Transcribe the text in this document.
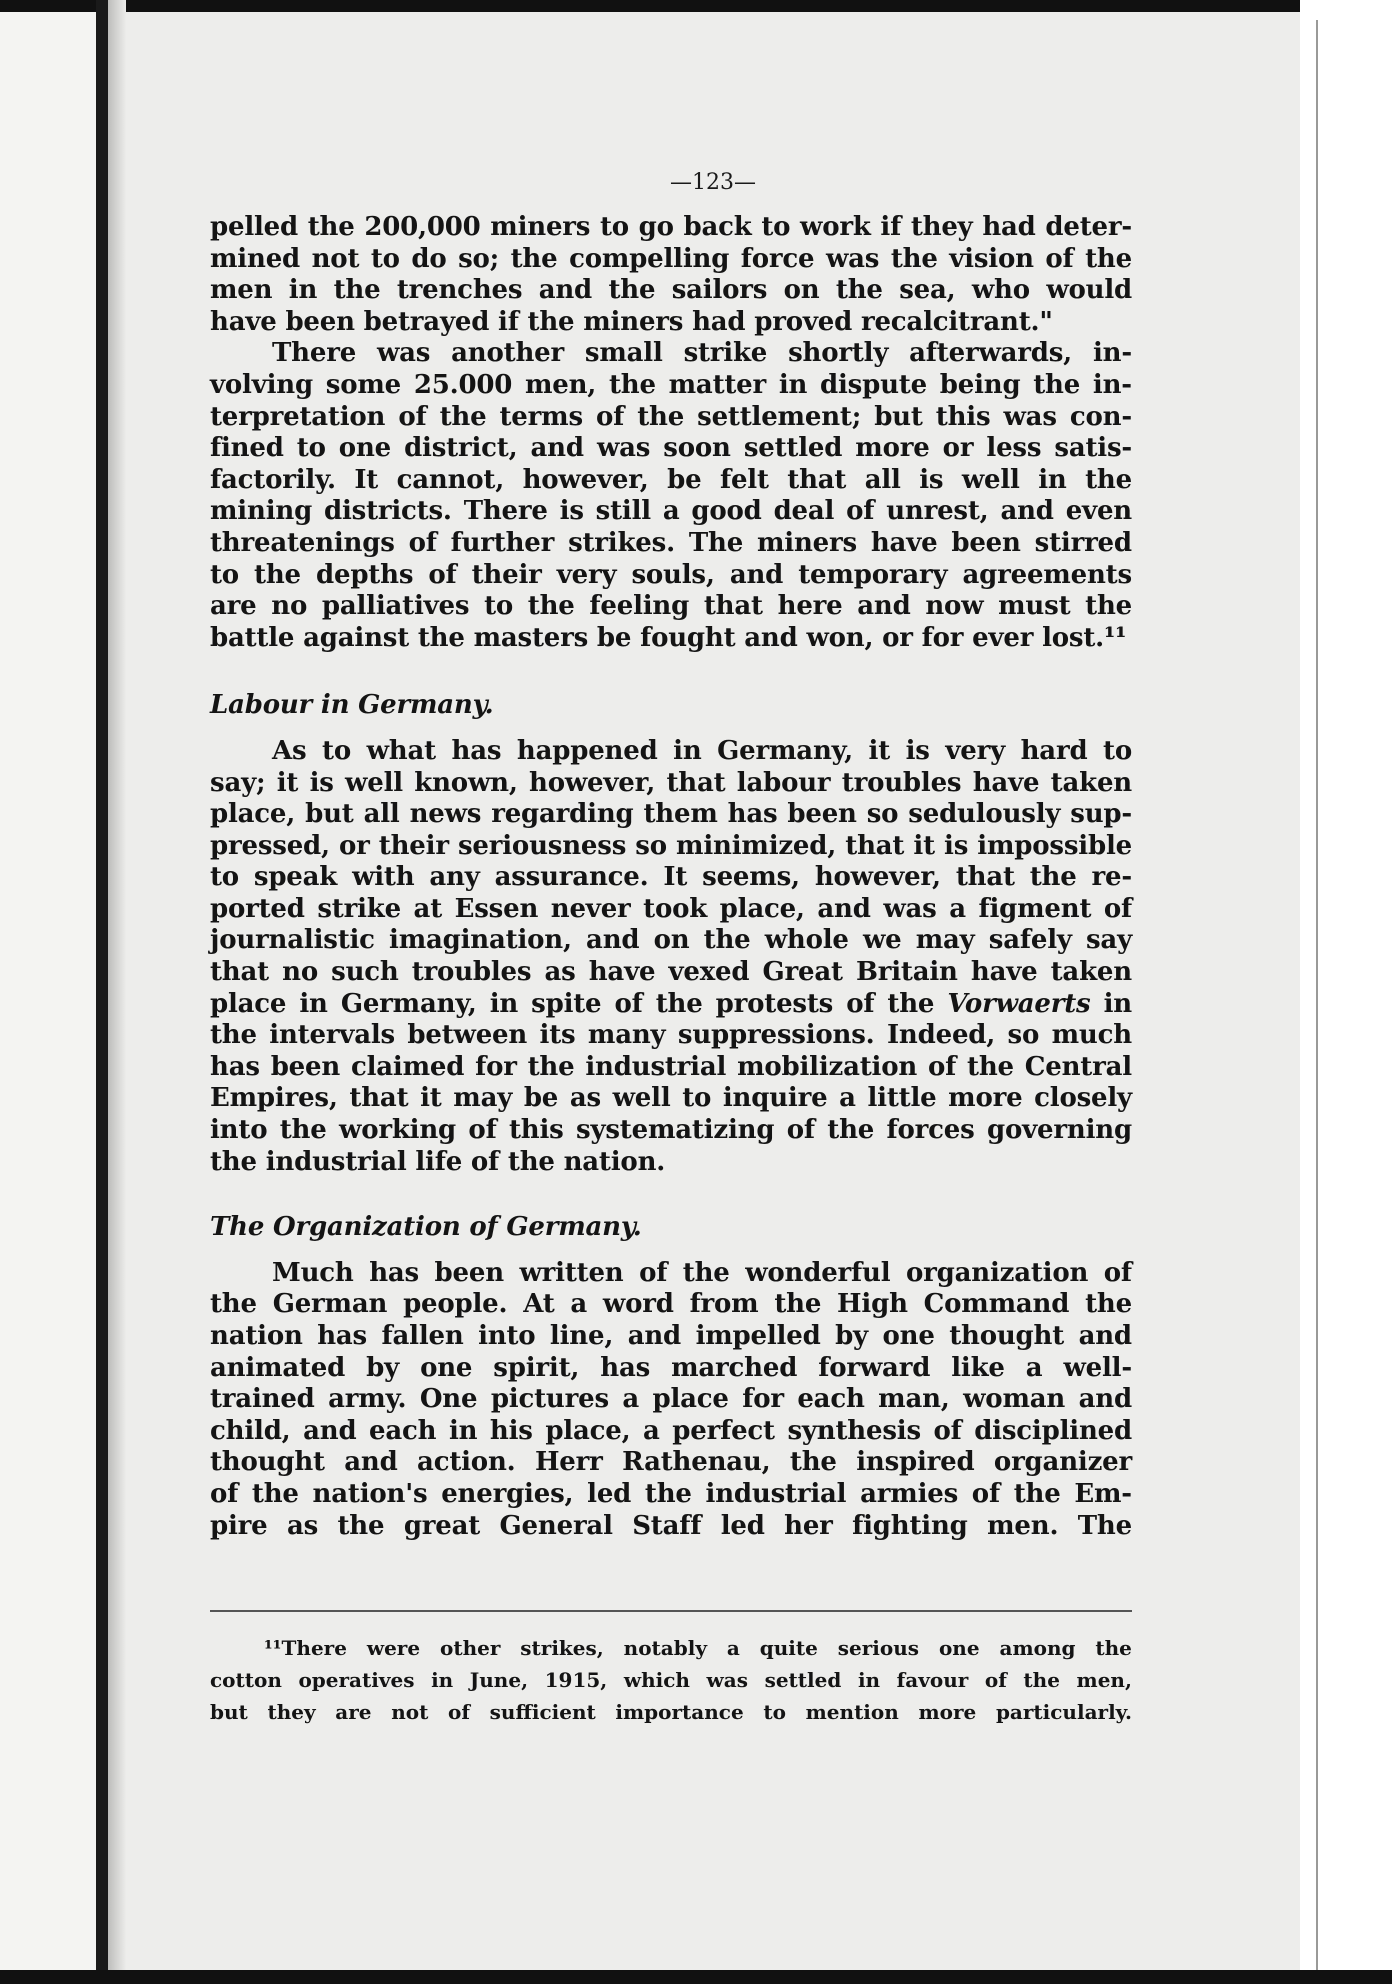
—123—
pelled the 200,000 miners to go back to work if they had deter-
mined not to do so; the compelling force was the vision of the
men in the trenches and the sailors on the sea, who would
have been betrayed if the miners had proved recalcitrant."
There was another small strike shortly afterwards, in-
volving some 25.000 men, the matter in dispute being the in-
terpretation of the terms of the settlement; but this was con-
fined to one district, and was soon settled more or less satis-
factorily. It cannot, however, be felt that all is well in the
mining districts. There is still a good deal of unrest, and even
threatenings of further strikes. The miners have been stirred
to the depths of their very souls, and temporary agreements
are no palliatives to the feeling that here and now must the
battle against the masters be fought and won, or for ever lost.¹¹
Labour in Germany.
As to what has happened in Germany, it is very hard to
say; it is well known, however, that labour troubles have taken
place, but all news regarding them has been so sedulously sup-
pressed, or their seriousness so minimized, that it is impossible
to speak with any assurance. It seems, however, that the re-
ported strike at Essen never took place, and was a figment of
journalistic imagination, and on the whole we may safely say
that no such troubles as have vexed Great Britain have taken
place in Germany, in spite of the protests of the Vorwaerts in
the intervals between its many suppressions. Indeed, so much
has been claimed for the industrial mobilization of the Central
Empires, that it may be as well to inquire a little more closely
into the working of this systematizing of the forces governing
the industrial life of the nation.
The Organization of Germany.
Much has been written of the wonderful organization of
the German people. At a word from the High Command the
nation has fallen into line, and impelled by one thought and
animated by one spirit, has marched forward like a well-
trained army. One pictures a place for each man, woman and
child, and each in his place, a perfect synthesis of disciplined
thought and action. Herr Rathenau, the inspired organizer
of the nation's energies, led the industrial armies of the Em-
pire as the great General Staff led her fighting men. The
¹¹There were other strikes, notably a quite serious one among the
cotton operatives in June, 1915, which was settled in favour of the men,
but they are not of sufficient importance to mention more particularly.
